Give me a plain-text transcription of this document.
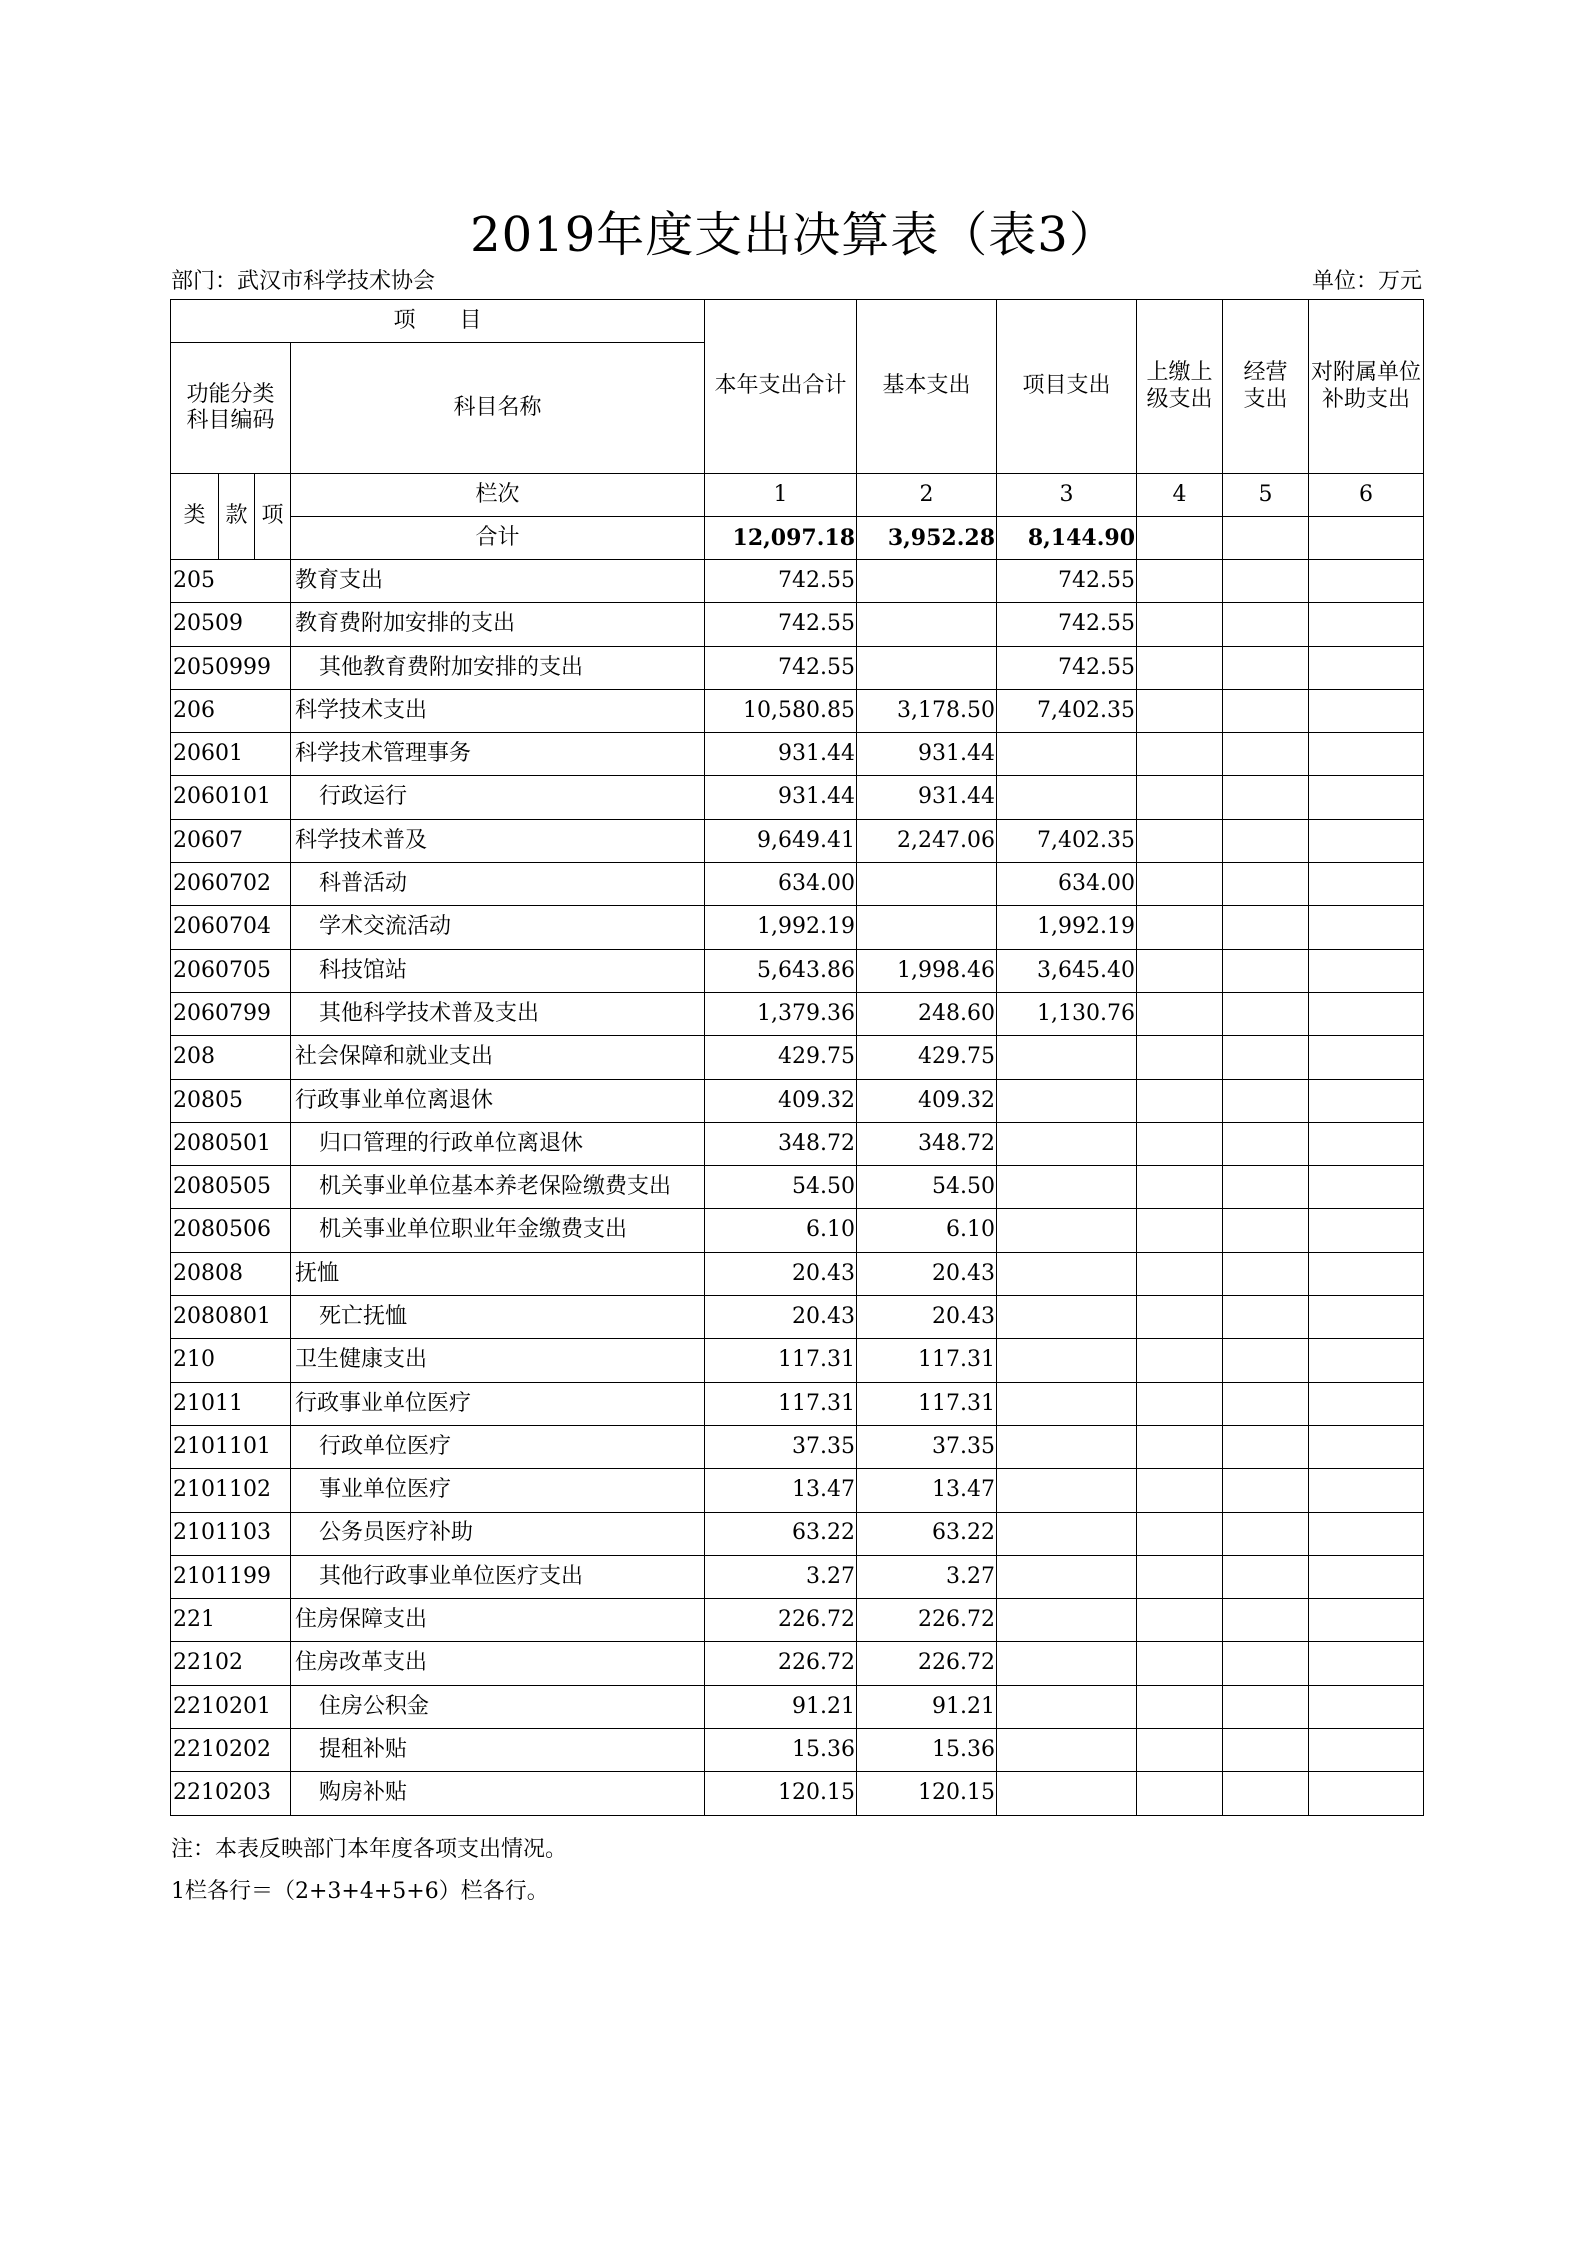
2019年度支出决算表（表3）
部门：武汉市科学技术协会	单位：万元
项　　目				本年支出合计	基本支出	项目支出	上缴上级支出	经营支出	对附属单位补助支出
功能分类科目编码			科目名称						
类	款	项	栏次	1	2	3	4	5	6
			合计	12,097.18	3,952.28	8,144.90			
205			教育支出	742.55		742.55			
20509			教育费附加安排的支出	742.55		742.55			
2050999			其他教育费附加安排的支出	742.55		742.55			
206			科学技术支出	10,580.85	3,178.50	7,402.35			
20601			科学技术管理事务	931.44	931.44				
2060101			行政运行	931.44	931.44				
20607			科学技术普及	9,649.41	2,247.06	7,402.35			
2060702			科普活动	634.00		634.00			
2060704			学术交流活动	1,992.19		1,992.19			
2060705			科技馆站	5,643.86	1,998.46	3,645.40			
2060799			其他科学技术普及支出	1,379.36	248.60	1,130.76			
208			社会保障和就业支出	429.75	429.75				
20805			行政事业单位离退休	409.32	409.32				
2080501			归口管理的行政单位离退休	348.72	348.72				
2080505			机关事业单位基本养老保险缴费支出	54.50	54.50				
2080506			机关事业单位职业年金缴费支出	6.10	6.10				
20808			抚恤	20.43	20.43				
2080801			死亡抚恤	20.43	20.43				
210			卫生健康支出	117.31	117.31				
21011			行政事业单位医疗	117.31	117.31				
2101101			行政单位医疗	37.35	37.35				
2101102			事业单位医疗	13.47	13.47				
2101103			公务员医疗补助	63.22	63.22				
2101199			其他行政事业单位医疗支出	3.27	3.27				
221			住房保障支出	226.72	226.72				
22102			住房改革支出	226.72	226.72				
2210201			住房公积金	91.21	91.21				
2210202			提租补贴	15.36	15.36				
2210203			购房补贴	120.15	120.15				
注：本表反映部门本年度各项支出情况。
1栏各行＝（2+3+4+5+6）栏各行。
